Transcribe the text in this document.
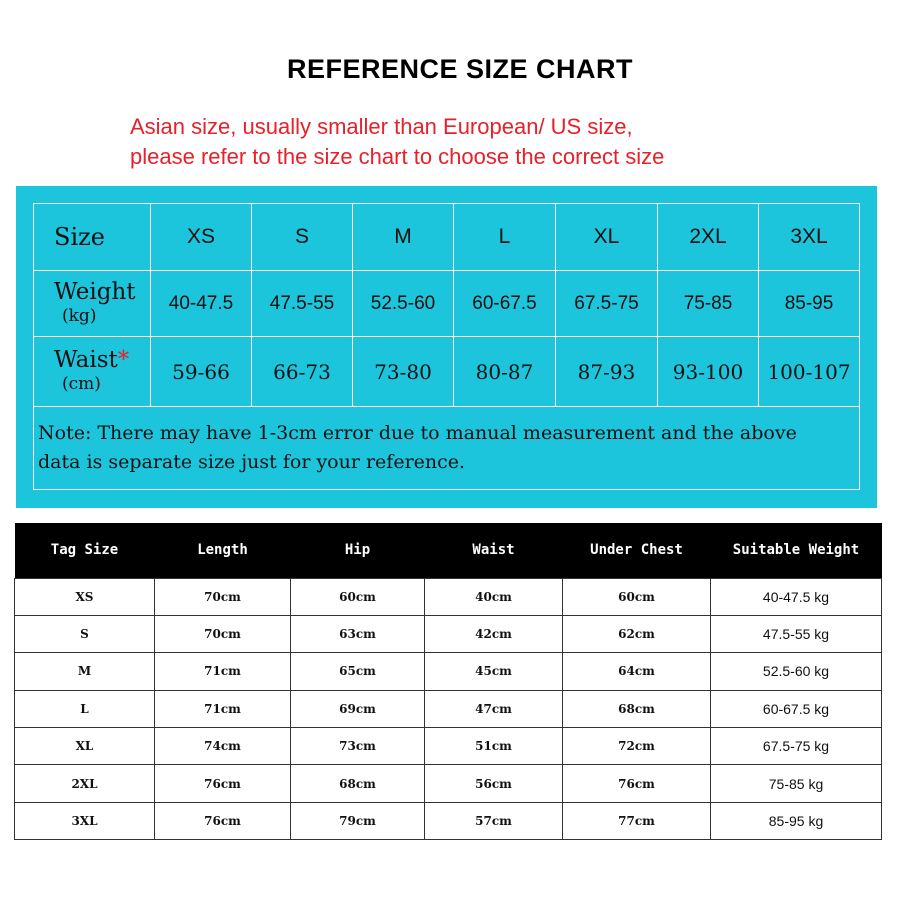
REFERENCE SIZE CHART
Asian size, usually smaller than European/ US size,
please refer to the size chart to choose the correct size
Size	XS	S	M	L	XL	2XL	3XL

Weight
(kg)	40-47.5	47.5-55	52.5-60	60-67.5	67.5-75	75-85	85-95

Waist*
(cm)	59-66	66-73	73-80	80-87	87-93	93-100	100-107

Note: There may have 1-3cm error due to manual measurement and the above
data is separate size just for your reference.							
Tag Size	Length	Hip	Waist	Under Chest	Suitable Weight
XS	70cm	60cm	40cm	60cm	40-47.5 kg
S	70cm	63cm	42cm	62cm	47.5-55 kg
M	71cm	65cm	45cm	64cm	52.5-60 kg
L	71cm	69cm	47cm	68cm	60-67.5 kg
XL	74cm	73cm	51cm	72cm	67.5-75 kg
2XL	76cm	68cm	56cm	76cm	75-85 kg
3XL	76cm	79cm	57cm	77cm	85-95 kg
